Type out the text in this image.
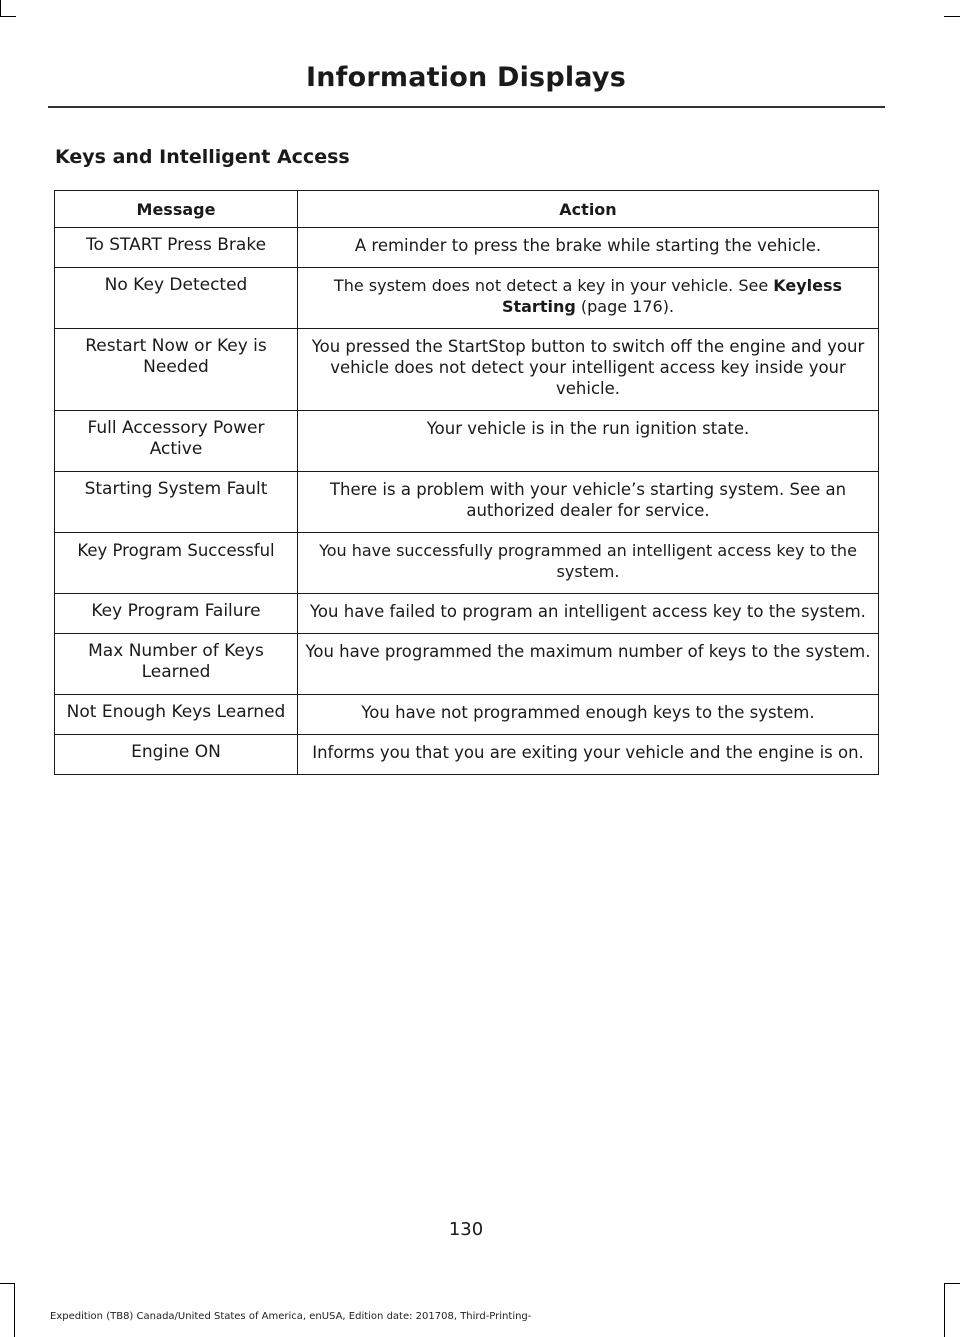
Information Displays
Keys and Intelligent Access
Message	Action
To START Press Brake	A reminder to press the brake while starting the vehicle.
No Key Detected	The system does not detect a key in your vehicle. See Keyless Starting (page 176).
Restart Now or Key is Needed	You pressed the StartStop button to switch off the engine and your vehicle does not detect your intelligent access key inside your vehicle.
Full Accessory Power Active	Your vehicle is in the run ignition state.
Starting System Fault	There is a problem with your vehicle’s starting system. See an authorized dealer for service.
Key Program Successful	You have successfully programmed an intelligent access key to the system.
Key Program Failure	You have failed to program an intelligent access key to the system.
Max Number of Keys Learned	You have programmed the maximum number of keys to the system.
Not Enough Keys Learned	You have not programmed enough keys to the system.
Engine ON	Informs you that you are exiting your vehicle and the engine is on.
130
Expedition (TB8) Canada/United States of America, enUSA, Edition date: 201708, Third-Printing-
